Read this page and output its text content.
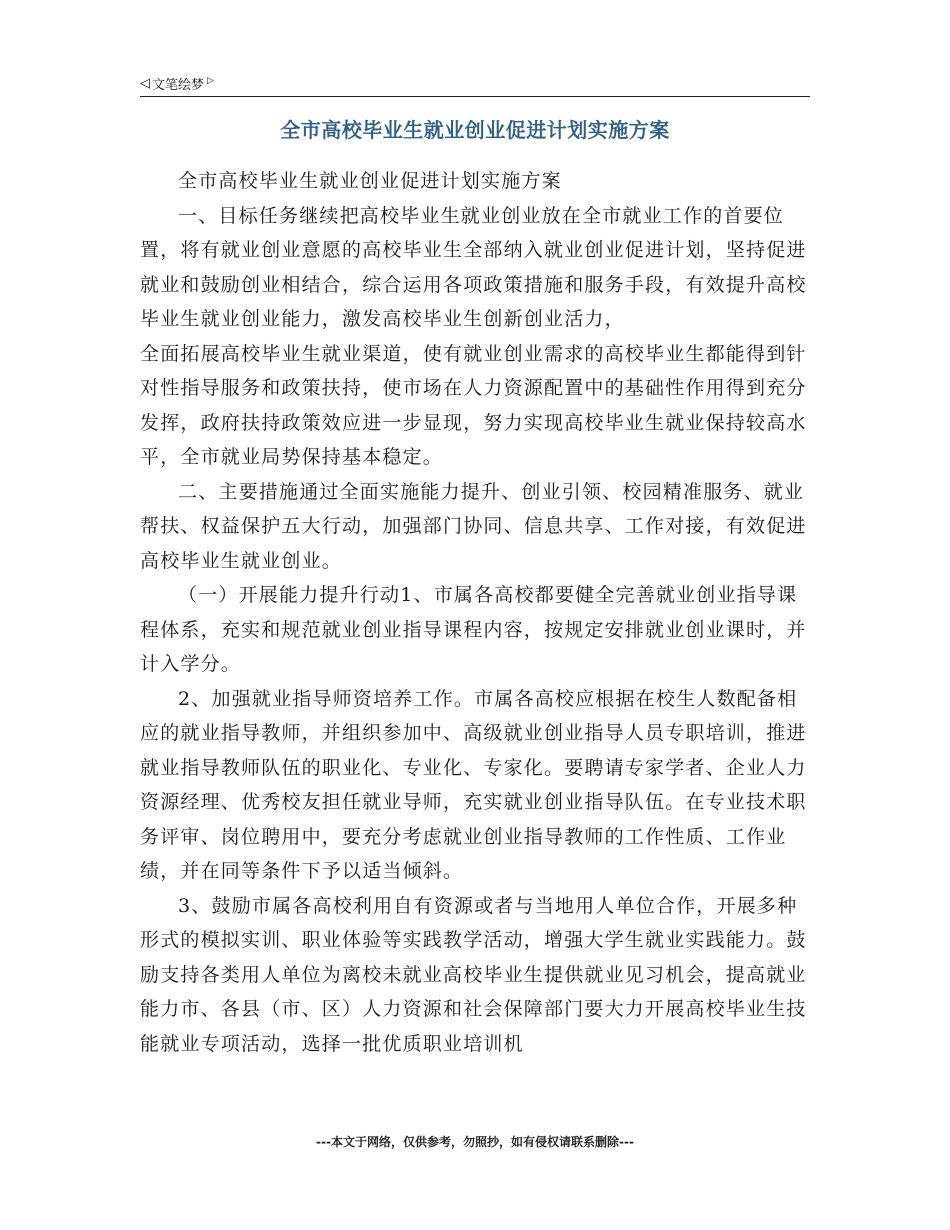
◁ 文笔绘梦 ▷
全市高校毕业生就业创业促进计划实施方案

全市高校毕业生就业创业促进计划实施方案

一、目标任务继续把高校毕业生就业创业放在全市就业工作的首要位置，将有就业创业意愿的高校毕业生全部纳入就业创业促进计划，坚持促进就业和鼓励创业相结合，综合运用各项政策措施和服务手段，有效提升高校毕业生就业创业能力，激发高校毕业生创新创业活力，
全面拓展高校毕业生就业渠道，使有就业创业需求的高校毕业生都能得到针对性指导服务和政策扶持，使市场在人力资源配置中的基础性作用得到充分发挥，政府扶持政策效应进一步显现，努力实现高校毕业生就业保持较高水平，全市就业局势保持基本稳定。

二、主要措施通过全面实施能力提升、创业引领、校园精准服务、就业帮扶、权益保护五大行动，加强部门协同、信息共享、工作对接，有效促进高校毕业生就业创业。

（一）开展能力提升行动1、市属各高校都要健全完善就业创业指导课程体系，充实和规范就业创业指导课程内容，按规定安排就业创业课时，并计入学分。

2、加强就业指导师资培养工作。市属各高校应根据在校生人数配备相应的就业指导教师，并组织参加中、高级就业创业指导人员专职培训，推进就业指导教师队伍的职业化、专业化、专家化。要聘请专家学者、企业人力资源经理、优秀校友担任就业导师，充实就业创业指导队伍。在专业技术职务评审、岗位聘用中，要充分考虑就业创业指导教师的工作性质、工作业绩，并在同等条件下予以适当倾斜。

3、鼓励市属各高校利用自有资源或者与当地用人单位合作，开展多种形式的模拟实训、职业体验等实践教学活动，增强大学生就业实践能力。鼓励支持各类用人单位为离校未就业高校毕业生提供就业见习机会，提高就业能力市、各县（市、区）人力资源和社会保障部门要大力开展高校毕业生技能就业专项活动，选择一批优质职业培训机

---本文于网络，仅供参考，勿照抄，如有侵权请联系删除---
